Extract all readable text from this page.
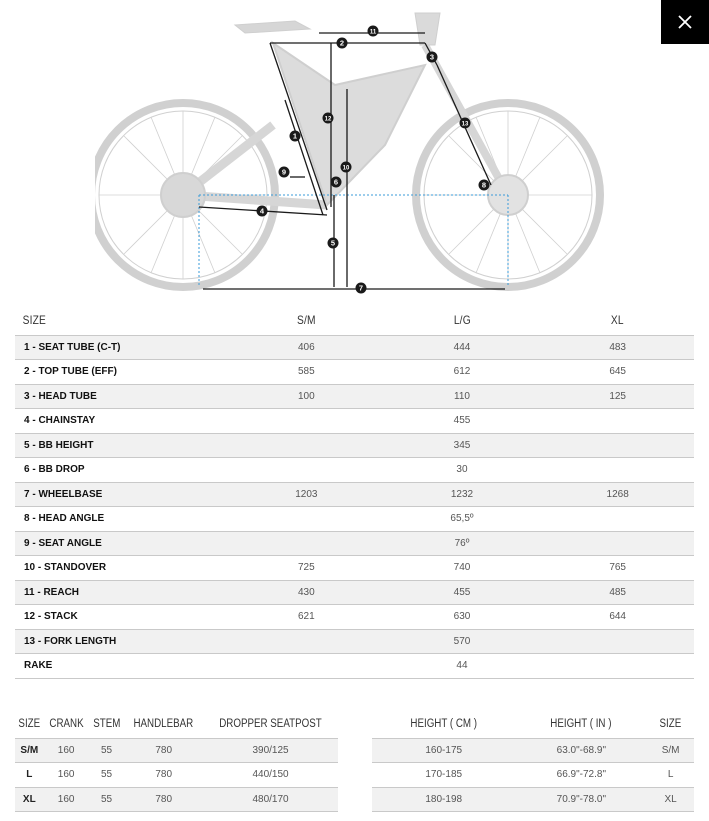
1
2
3
4
5
6
7
8
9	10
11
12
13
SIZE	S/M	L/G	XL
1 - SEAT TUBE (C-T)	406	444	483
2 - TOP TUBE (EFF)	585	612	645
3 - HEAD TUBE	100	110	125
4 - CHAINSTAY		455	
5 - BB HEIGHT		345	
6 - BB DROP		30	
7 - WHEELBASE	1203	1232	1268
8 - HEAD ANGLE		65,5º	
9 - SEAT ANGLE		76º	
10 - STANDOVER	725	740	765
11 - REACH	430	455	485
12 - STACK	621	630	644
13 - FORK LENGTH		570	
RAKE		44	
SIZE	CRANK	STEM	HANDLEBAR	DROPPER SEATPOST
S/M	160	55	780	390/125
L	160	55	780	440/150
XL	160	55	780	480/170
HEIGHT ( CM )	HEIGHT ( IN )	SIZE
160-175	63.0"-68.9"	S/M
170-185	66.9"-72.8"	L
180-198	70.9"-78.0"	XL
